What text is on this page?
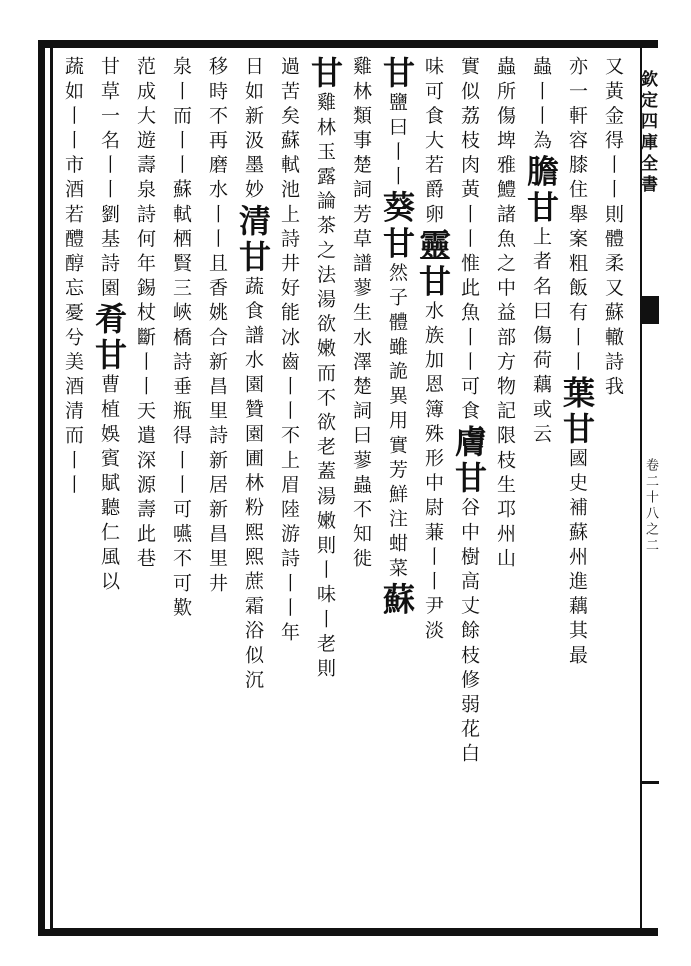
欽定四庫全書
卷二十八之二
又黃金得丨丨則體柔又蘇轍詩我
亦一軒容膝住舉案粗飯有丨丨葉甘國史補蘇州進藕其最
蟲丨丨為膽甘上者名曰傷荷藕或云
蟲所傷埤雅鱧諸魚之中益部方物記限枝生邛州山
實似荔枝肉黃丨丨惟此魚丨丨可食膚甘谷中樹高丈餘枝修弱花白
味可食大若爵卵靈甘水族加恩簿殊形中尉蒹丨丨尹淡
甘鹽曰丨丨葵甘然子體雖詭異用實芳鮮注蚶菜蘇
雞林類事楚詞芳草譜蓼生水澤楚詞曰蓼蟲不知徙
甘雞林玉露論茶之法湯欲嫩而不欲老蓋湯嫩則丨味丨老則
過苦矣蘇軾池上詩井好能冰齒丨丨不上眉陸游詩丨丨年
日如新汲墨妙清甘蔬食譜水園贊園圃林粉熙熙蔗霜浴似沉
移時不再磨水丨丨且香姚合新昌里詩新居新昌里井
泉丨而丨丨蘇軾栖賢三峽橋詩垂瓶得丨丨可嚥不可歎
范成大遊壽泉詩何年錫杖斷丨丨天遣深源壽此巷
甘草一名丨丨劉基詩園肴甘曹植娛賓賦聽仁風以
蔬如丨丨市酒若醴醇忘憂兮美酒清而丨丨
